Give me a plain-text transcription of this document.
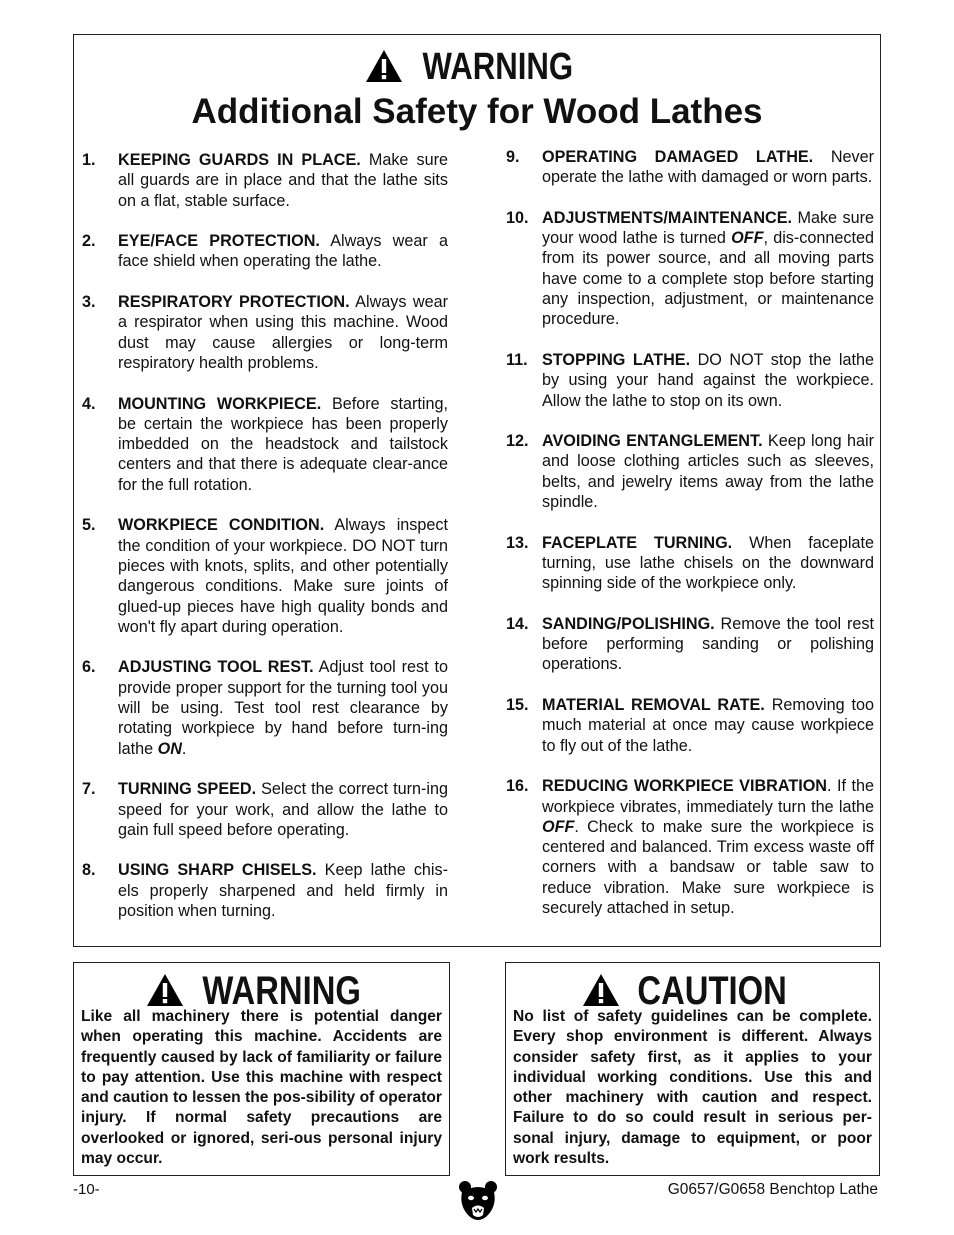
WARNING
Additional Safety for Wood Lathes
1.	KEEPING GUARDS IN PLACE. Make sure all guards are in place and that the lathe sits on a flat, stable surface.
2.	EYE/FACE PROTECTION. Always wear a face shield when operating the lathe.
3.	RESPIRATORY PROTECTION. Always wear a respirator when using this machine. Wood dust may cause allergies or long-term respiratory health problems.
4.	MOUNTING WORKPIECE. Before starting, be certain the workpiece has been properly imbedded on the headstock and tailstock centers and that there is adequate clear-ance for the full rotation.
5.	WORKPIECE CONDITION. Always inspect the condition of your workpiece. DO NOT turn pieces with knots, splits, and other potentially dangerous conditions. Make sure joints of glued-up pieces have high quality bonds and won't fly apart during operation.
6.	ADJUSTING TOOL REST. Adjust tool rest to provide proper support for the turning tool you will be using. Test tool rest clearance by rotating workpiece by hand before turn-ing lathe ON.
7.	TURNING SPEED. Select the correct turn-ing speed for your work, and allow the lathe to gain full speed before operating.
8.	USING SHARP CHISELS. Keep lathe chis-els properly sharpened and held firmly in position when turning.
9.	OPERATING DAMAGED LATHE. Never operate the lathe with damaged or worn parts.
10. ADJUSTMENTS/MAINTENANCE. Make sure your wood lathe is turned OFF, dis-connected from its power source, and all moving parts have come to a complete stop before starting any inspection, adjustment, or maintenance procedure.
11. STOPPING LATHE. DO NOT stop the lathe by using your hand against the workpiece. Allow the lathe to stop on its own.
12. AVOIDING ENTANGLEMENT. Keep long hair and loose clothing articles such as sleeves, belts, and jewelry items away from the lathe spindle.
13. FACEPLATE TURNING. When faceplate turning, use lathe chisels on the downward spinning side of the workpiece only.
14. SANDING/POLISHING. Remove the tool rest before performing sanding or polishing operations.
15. MATERIAL REMOVAL RATE. Removing too much material at once may cause workpiece to fly out of the lathe.
16. REDUCING WORKPIECE VIBRATION. If the workpiece vibrates, immediately turn the lathe OFF. Check to make sure the workpiece is centered and balanced. Trim excess waste off corners with a bandsaw or table saw to reduce vibration. Make sure workpiece is securely attached in setup.
WARNING
Like all machinery there is potential danger when operating this machine. Accidents are frequently caused by lack of familiarity or failure to pay attention. Use this machine with respect and caution to lessen the pos-sibility of operator injury. If normal safety precautions are overlooked or ignored, seri-ous personal injury may occur.
CAUTION
No list of safety guidelines can be complete. Every shop environment is different. Always consider safety first, as it applies to your individual working conditions. Use this and other machinery with caution and respect. Failure to do so could result in serious per-sonal injury, damage to equipment, or poor work results.
-10-	G0657/G0658 Benchtop Lathe
